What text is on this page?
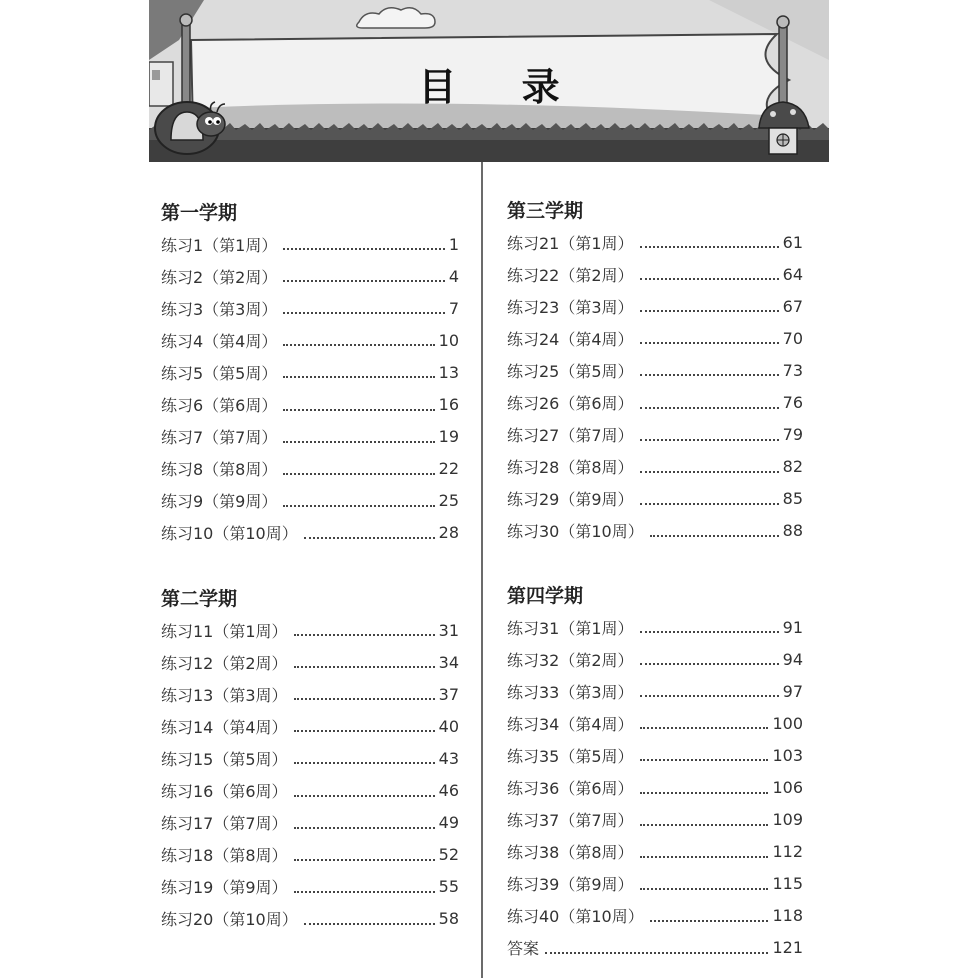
目 录
第一学期
练习1（第1周）	1
练习2（第2周）	4
练习3（第3周）	7
练习4（第4周）	10
练习5（第5周）	13
练习6（第6周）	16
练习7（第7周）	19
练习8（第8周）	22
练习9（第9周）	25
练习10（第10周）	28
第二学期
练习11（第1周）	31
练习12（第2周）	34
练习13（第3周）	37
练习14（第4周）	40
练习15（第5周）	43
练习16（第6周）	46
练习17（第7周）	49
练习18（第8周）	52
练习19（第9周）	55
练习20（第10周）	58
第三学期
练习21（第1周）	61
练习22（第2周）	64
练习23（第3周）	67
练习24（第4周）	70
练习25（第5周）	73
练习26（第6周）	76
练习27（第7周）	79
练习28（第8周）	82
练习29（第9周）	85
练习30（第10周）	88
第四学期
练习31（第1周）	91
练习32（第2周）	94
练习33（第3周）	97
练习34（第4周）	100
练习35（第5周）	103
练习36（第6周）	106
练习37（第7周）	109
练习38（第8周）	112
练习39（第9周）	115
练习40（第10周）	118
答案	121
